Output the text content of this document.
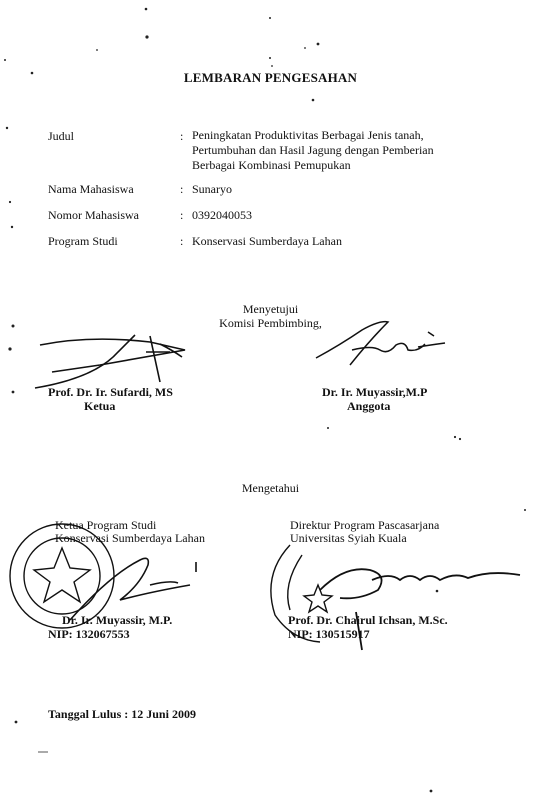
LEMBARAN PENGESAHAN
Judul	: Peningkatan Produktivitas Berbagai Jenis tanah,
Pertumbuhan dan Hasil Jagung dengan Pemberian
Berbagai Kombinasi Pemupukan
Nama Mahasiswa	: Sunaryo
Nomor Mahasiswa	: 0392040053
Program Studi	: Konservasi Sumberdaya Lahan
Menyetujui
Komisi Pembimbing,
Prof. Dr. Ir. Sufardi, MS
Ketua
Dr. Ir. Muyassir,M.P
Anggota
Mengetahui
Ketua Program Studi
Konservasi Sumberdaya Lahan
Dr. Ir. Muyassir, M.P.
NIP: 132067553
Direktur Program Pascasarjana
Universitas Syiah Kuala
Prof. Dr. Chairul Ichsan, M.Sc.
NIP: 130515917
Tanggal Lulus : 12 Juni 2009
